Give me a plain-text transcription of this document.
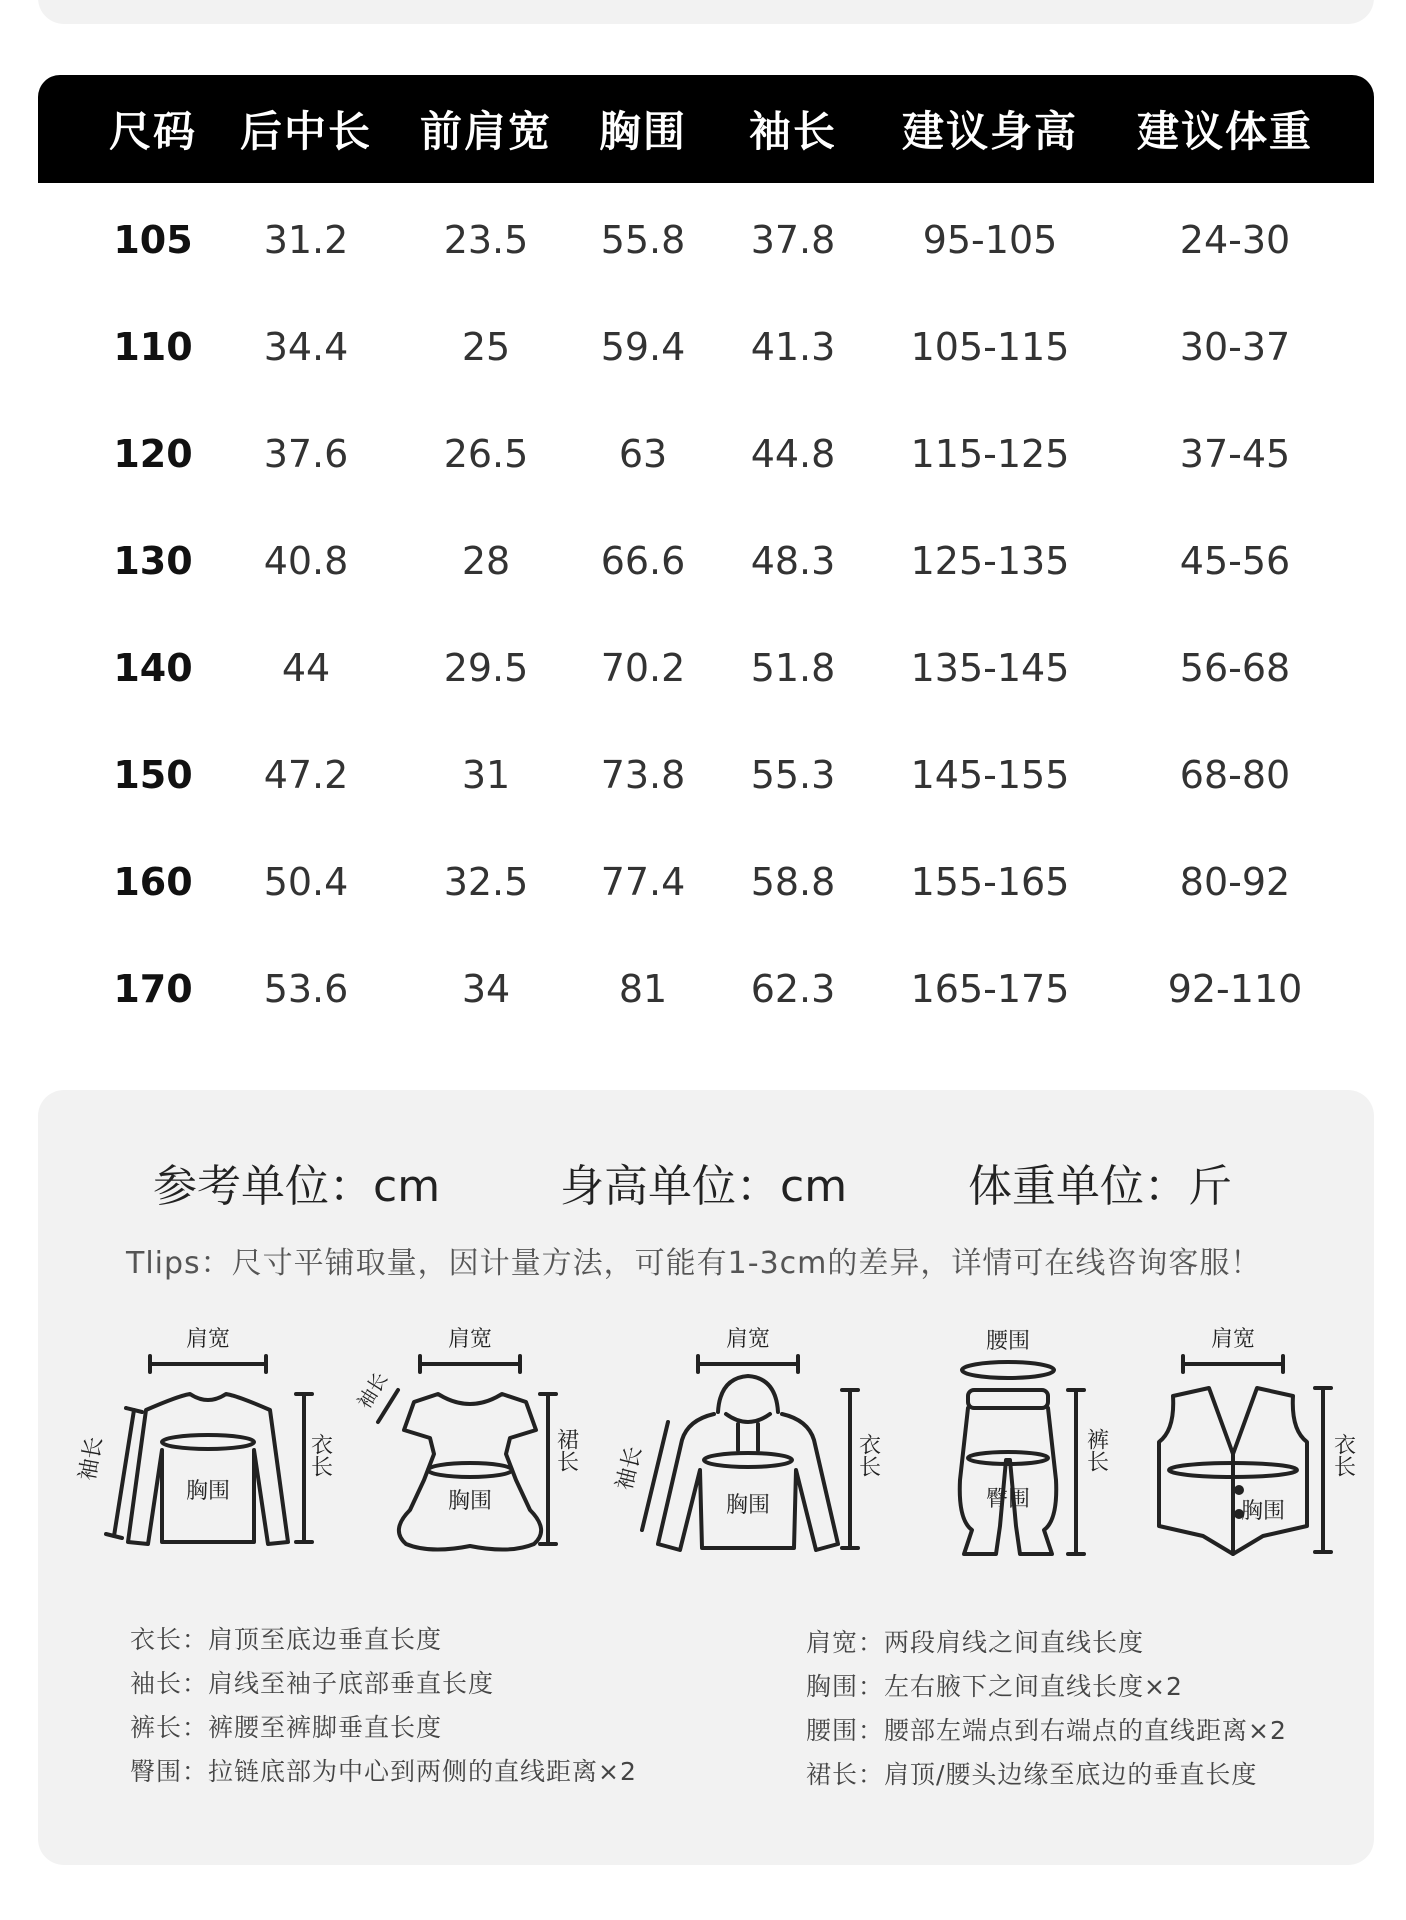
尺码 后中长 前肩宽 胸围 袖长 建议身高 建议体重
105 31.2	23.5 55.8 37.8 95-105	24-30
110 34.4	25 59.4 41.3 105-115	30-37
120 37.6	26.5 63 44.8 115-125	37-45
130 40.8	28 66.6 48.3 125-135	45-56
140 44	29.5 70.2 51.8 135-145	56-68
150 47.2	31 73.8 55.3 145-155	68-80
160 50.4	32.5 77.4 58.8 155-165	80-92
170 53.6	34	81 62.3 165-175	92-110
参考单位：cm	身高单位：cm	体重单位：斤
Tlips：尺寸平铺取量，因计量方法，可能有1-3cm的差异，详情可在线咨询客服！
肩宽
胸围
衣长
袖长
肩宽
胸围
裙长
袖长
肩宽
胸围
衣长
袖长
腰围
臀围
裤长
肩宽
胸围
衣长
衣长：肩顶至底边垂直长度
袖长：肩线至袖子底部垂直长度
裤长：裤腰至裤脚垂直长度
臀围：拉链底部为中心到两侧的直线距离×2
肩宽：两段肩线之间直线长度
胸围：左右腋下之间直线长度×2
腰围：腰部左端点到右端点的直线距离×2
裙长：肩顶/腰头边缘至底边的垂直长度
